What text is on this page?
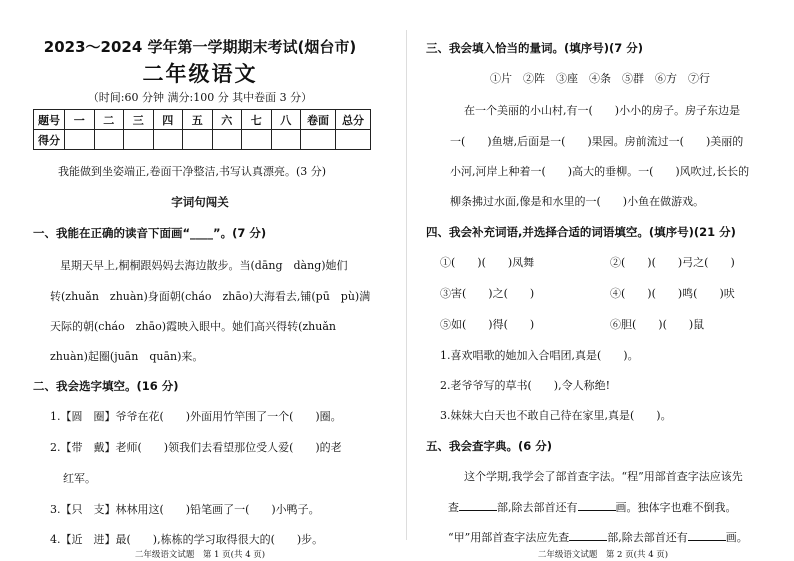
2023～2024 学年第一学期期末考试(烟台市)
二年级语文
（时间:60 分钟 满分:100 分 其中卷面 3 分）
题号	一	二	三	四	五	六	七	八	卷面	总分
得分										
我能做到坐姿端正,卷面干净整洁,书写认真漂亮。(3 分)
字词句闯关
一、我能在正确的读音下面画“____”。(7 分)
星期天早上,桐桐跟妈妈去海边散步。当(dāng　dàng)她们
转(zhuǎn　zhuàn)身面朝(cháo　zhāo)大海看去,铺(pū　pù)满
天际的朝(cháo　zhāo)霞映入眼中。她们高兴得转(zhuǎn
zhuàn)起圈(juān　quān)来。
二、我会选字填空。(16 分)
1.【圆　圈】爷爷在花(　　)外面用竹竿围了一个(　　)圈。
2.【带　戴】老师(　　)领我们去看望那位受人爱(　　)的老
红军。
3.【只　支】林林用这(　　)铅笔画了一(　　)小鸭子。
4.【近　进】最(　　),栋栋的学习取得很大的(　　)步。
二年级语文试题　第 1 页(共 4 页)
三、我会填入恰当的量词。(填序号)(7 分)
①片　②阵　③座　④条　⑤群　⑥方　⑦行
在一个美丽的小山村,有一(　　)小小的房子。房子东边是
一(　　)鱼塘,后面是一(　　)果园。房前流过一(　　)美丽的
小河,河岸上种着一(　　)高大的垂柳。一(　　)风吹过,长长的
柳条拂过水面,像是和水里的一(　　)小鱼在做游戏。
四、我会补充词语,并选择合适的词语填空。(填序号)(21 分)
①(　　)(　　)凤舞	②(　　)(　　)弓之(　　)
③害(　　)之(　　)	④(　　)(　　)鸣(　　)吠
⑤如(　　)得(　　)	⑥胆(　　)(　　)鼠
1.喜欢唱歌的她加入合唱团,真是(　　)。
2.老爷爷写的草书(　　),令人称绝!
3.妹妹大白天也不敢自己待在家里,真是(　　)。
五、我会查字典。(6 分)
这个学期,我学会了部首查字法。“程”用部首查字法应该先
查	部,除去部首还有	画。独体字也难不倒我。
“甲”用部首查字法应先查	部,除去部首还有	画。
二年级语文试题　第 2 页(共 4 页)
